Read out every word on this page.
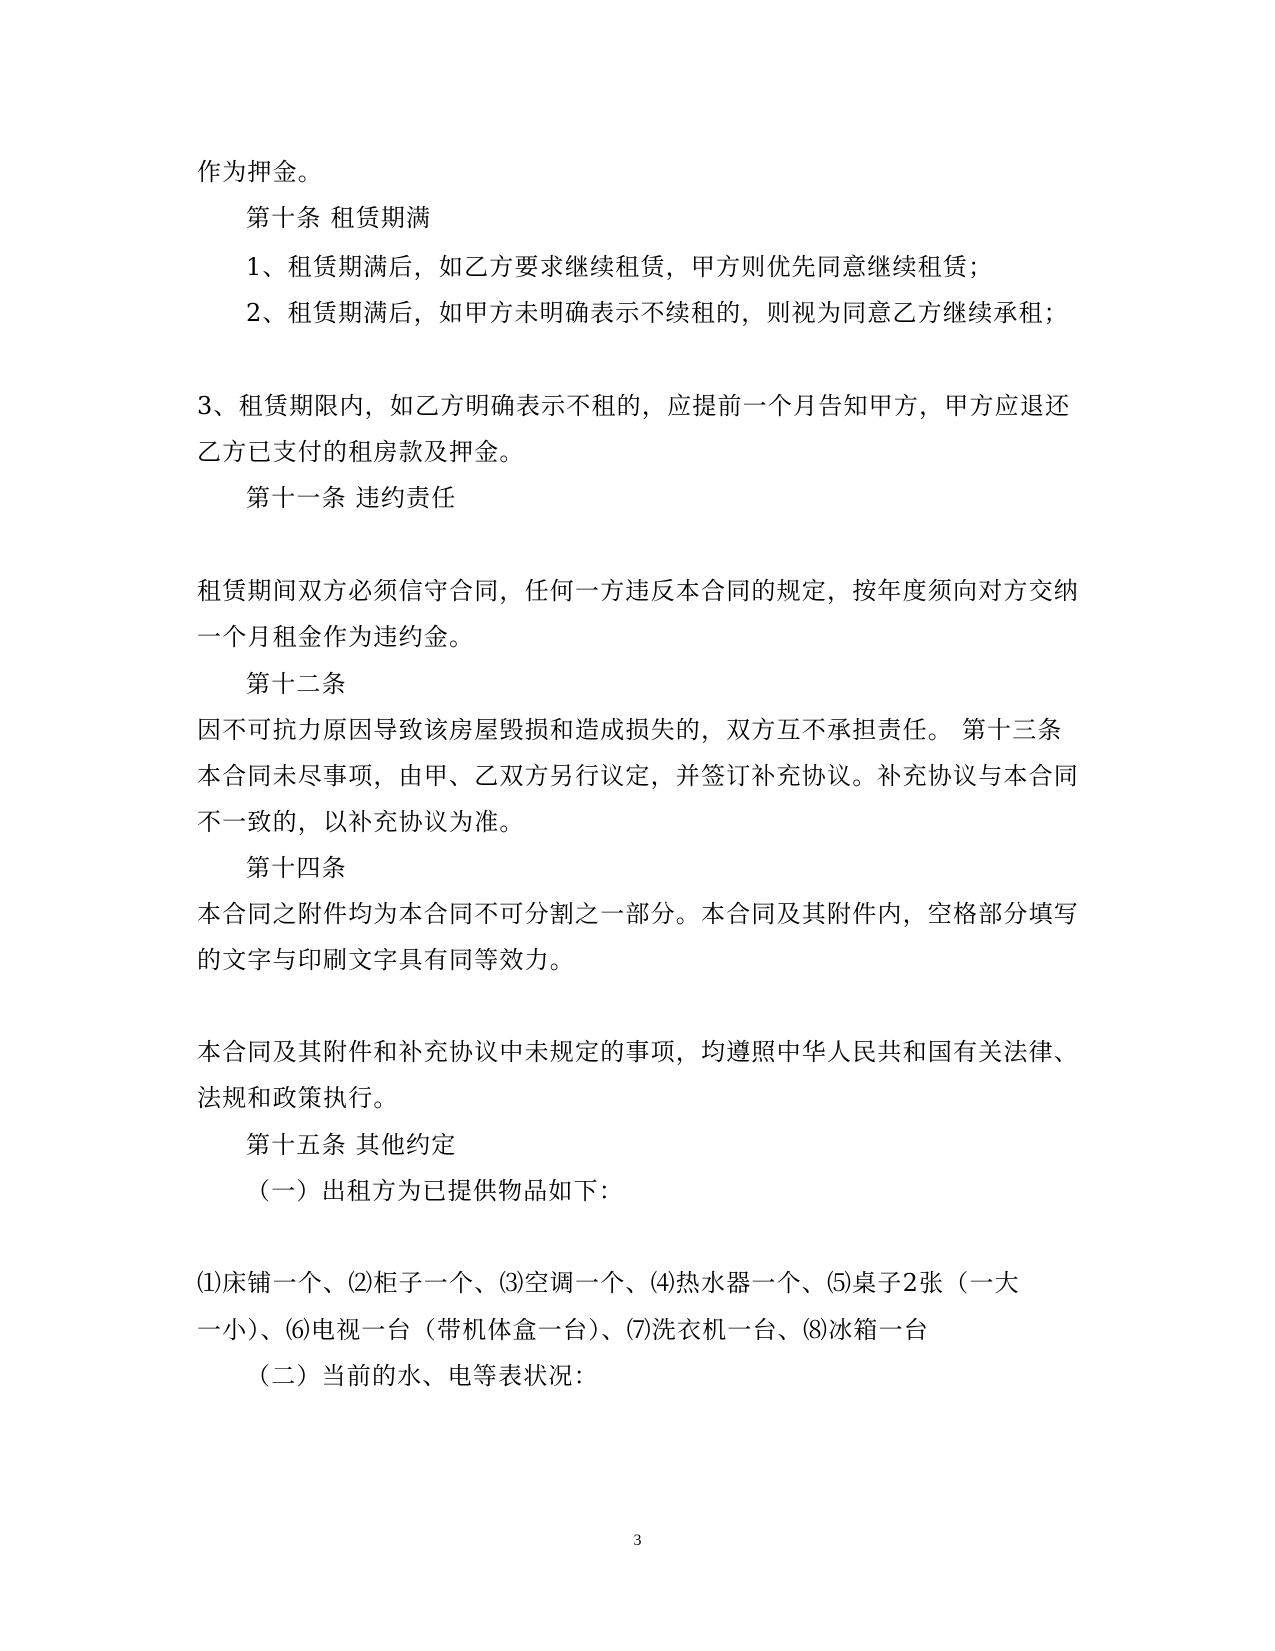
作为押金。
第十条 租赁期满
1、租赁期满后，如乙方要求继续租赁，甲方则优先同意继续租赁；
2、租赁期满后，如甲方未明确表示不续租的，则视为同意乙方继续承租；
3、租赁期限内，如乙方明确表示不租的，应提前一个月告知甲方，甲方应退还
乙方已支付的租房款及押金。
第十一条 违约责任
租赁期间双方必须信守合同，任何一方违反本合同的规定，按年度须向对方交纳
一个月租金作为违约金。
第十二条
因不可抗力原因导致该房屋毁损和造成损失的，双方互不承担责任。 第十三条
本合同未尽事项，由甲、乙双方另行议定，并签订补充协议。补充协议与本合同
不一致的，以补充协议为准。
第十四条
本合同之附件均为本合同不可分割之一部分。本合同及其附件内，空格部分填写
的文字与印刷文字具有同等效力。
本合同及其附件和补充协议中未规定的事项，均遵照中华人民共和国有关法律、
法规和政策执行。
第十五条 其他约定
（一）出租方为已提供物品如下：
⑴床铺一个、⑵柜子一个、⑶空调一个、⑷热水器一个、⑸桌子2张（一大
一小）、⑹电视一台（带机体盒一台）、⑺洗衣机一台、⑻冰箱一台
（二）当前的水、电等表状况：
3
